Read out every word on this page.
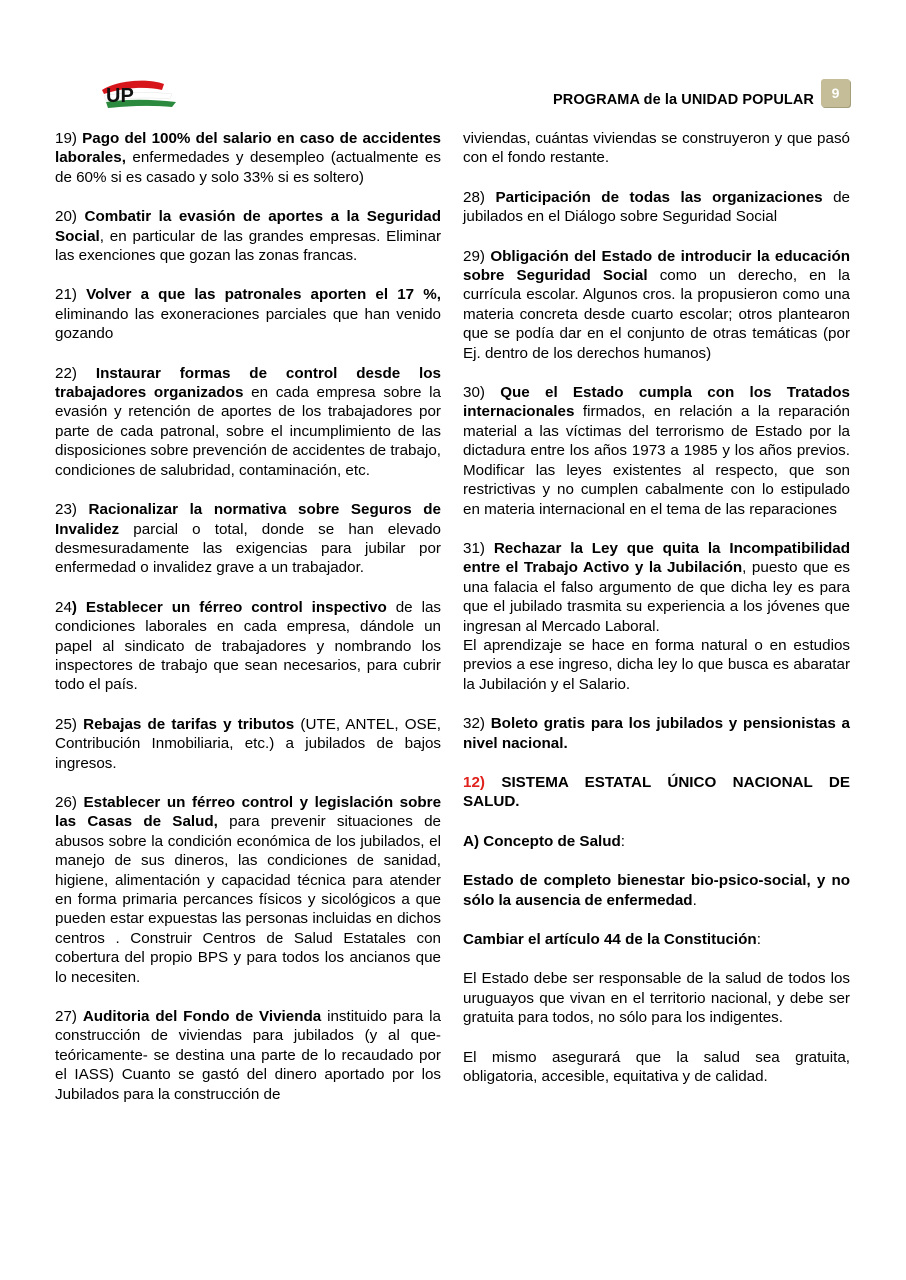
UP	PROGRAMA de la UNIDAD POPULAR	9

19) Pago del 100% del salario en caso de accidentes laborales, enfermedades y desempleo (actualmente es de 60% si es casado y solo 33% si es soltero)

20) Combatir la evasión de aportes a la Seguridad Social, en particular de las grandes empresas. Eliminar las exenciones que gozan las zonas francas.

21) Volver a que las patronales aporten el 17 %, eliminando las exoneraciones parciales que han venido gozando

22) Instaurar formas de control desde los trabajadores organizados en cada empresa sobre la evasión y retención de aportes de los trabajadores por parte de cada patronal, sobre el incumplimiento de las disposiciones sobre prevención de accidentes de trabajo, condiciones de salubridad, contaminación, etc.

23) Racionalizar la normativa sobre Seguros de Invalidez parcial o total, donde se han elevado desmesuradamente las exigencias para jubilar por enfermedad o invalidez grave a un trabajador.

24) Establecer un férreo control inspectivo de las condiciones laborales en cada empresa, dándole un papel al sindicato de trabajadores y nombrando los inspectores de trabajo que sean necesarios, para cubrir todo el país.

25) Rebajas de tarifas y tributos (UTE, ANTEL, OSE, Contribución Inmobiliaria, etc.) a jubilados de bajos ingresos.

26) Establecer un férreo control y legislación sobre las Casas de Salud, para prevenir situaciones de abusos sobre la condición económica de los jubilados, el manejo de sus dineros, las condiciones de sanidad, higiene, alimentación y capacidad técnica para atender en forma primaria percances físicos y sicológicos a que pueden estar expuestas las personas incluidas en dichos centros . Construir Centros de Salud Estatales con cobertura del propio BPS y para todos los ancianos que lo necesiten.

27) Auditoria del Fondo de Vivienda instituido para la construcción de viviendas para jubilados (y al que-teóricamente- se destina una parte de lo recaudado por el IASS) Cuanto se gastó del dinero aportado por los Jubilados para la construcción de

viviendas, cuántas viviendas se construyeron y que pasó con el fondo restante.

28) Participación de todas las organizaciones de jubilados en el Diálogo sobre Seguridad Social

29) Obligación del Estado de introducir la educación sobre Seguridad Social como un derecho, en la currícula escolar. Algunos cros. la propusieron como una materia concreta desde cuarto escolar; otros plantearon que se podía dar en el conjunto de otras temáticas (por Ej. dentro de los derechos humanos)

30) Que el Estado cumpla con los Tratados internacionales firmados, en relación a la reparación material a las víctimas del terrorismo de Estado por la dictadura entre los años 1973 a 1985 y los años previos. Modificar las leyes existentes al respecto, que son restrictivas y no cumplen cabalmente con lo estipulado en materia internacional en el tema de las reparaciones

31) Rechazar la Ley que quita la Incompatibilidad entre el Trabajo Activo y la Jubilación, puesto que es una falacia el falso argumento de que dicha ley es para que el jubilado trasmita su experiencia a los jóvenes que ingresan al Mercado Laboral.
El aprendizaje se hace en forma natural o en estudios previos a ese ingreso, dicha ley lo que busca es abaratar la Jubilación y el Salario.

32) Boleto gratis para los jubilados y pensionistas a nivel nacional.

12) SISTEMA ESTATAL ÚNICO NACIONAL DE SALUD.

A) Concepto de Salud:

Estado de completo bienestar bio-psico-social, y no sólo la ausencia de enfermedad.

Cambiar el artículo 44 de la Constitución:

El Estado debe ser responsable de la salud de todos los uruguayos que vivan en el territorio nacional, y debe ser gratuita para todos, no sólo para los indigentes.

El mismo asegurará que la salud sea gratuita, obligatoria, accesible, equitativa y de calidad.
